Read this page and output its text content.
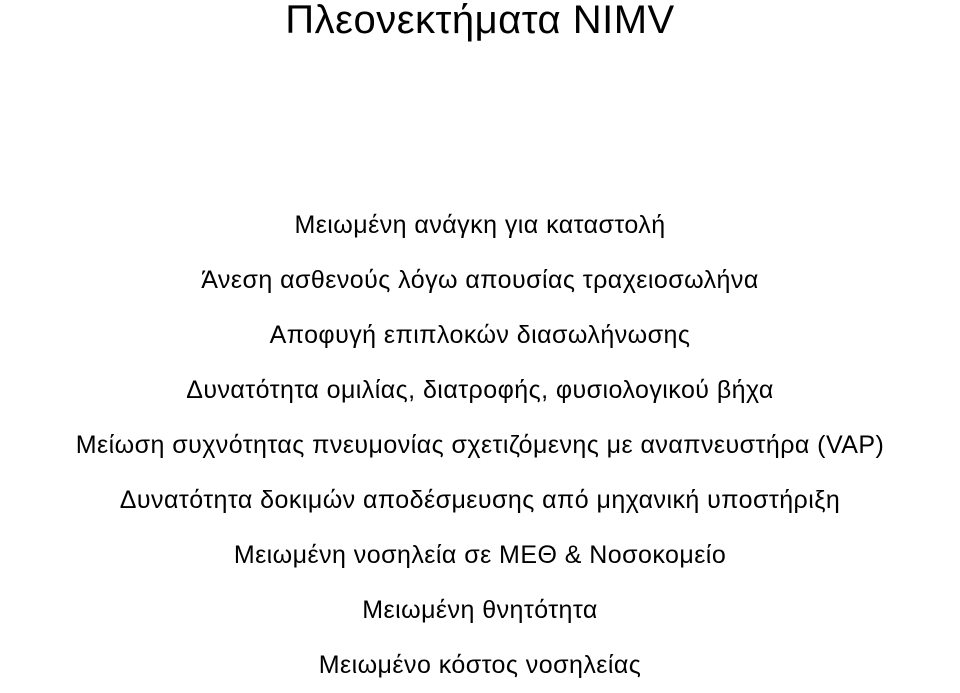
Πλεονεκτήματα NIMV
Μειωμένη ανάγκη για καταστολή
Άνεση ασθενούς λόγω απουσίας τραχειοσωλήνα
Αποφυγή επιπλοκών διασωλήνωσης
Δυνατότητα ομιλίας, διατροφής, φυσιολογικού βήχα
Μείωση συχνότητας πνευμονίας σχετιζόμενης με αναπνευστήρα (VAP)
Δυνατότητα δοκιμών αποδέσμευσης από μηχανική υποστήριξη
Μειωμένη νοσηλεία σε ΜΕΘ & Νοσοκομείο
Μειωμένη θνητότητα
Μειωμένο κόστος νοσηλείας
